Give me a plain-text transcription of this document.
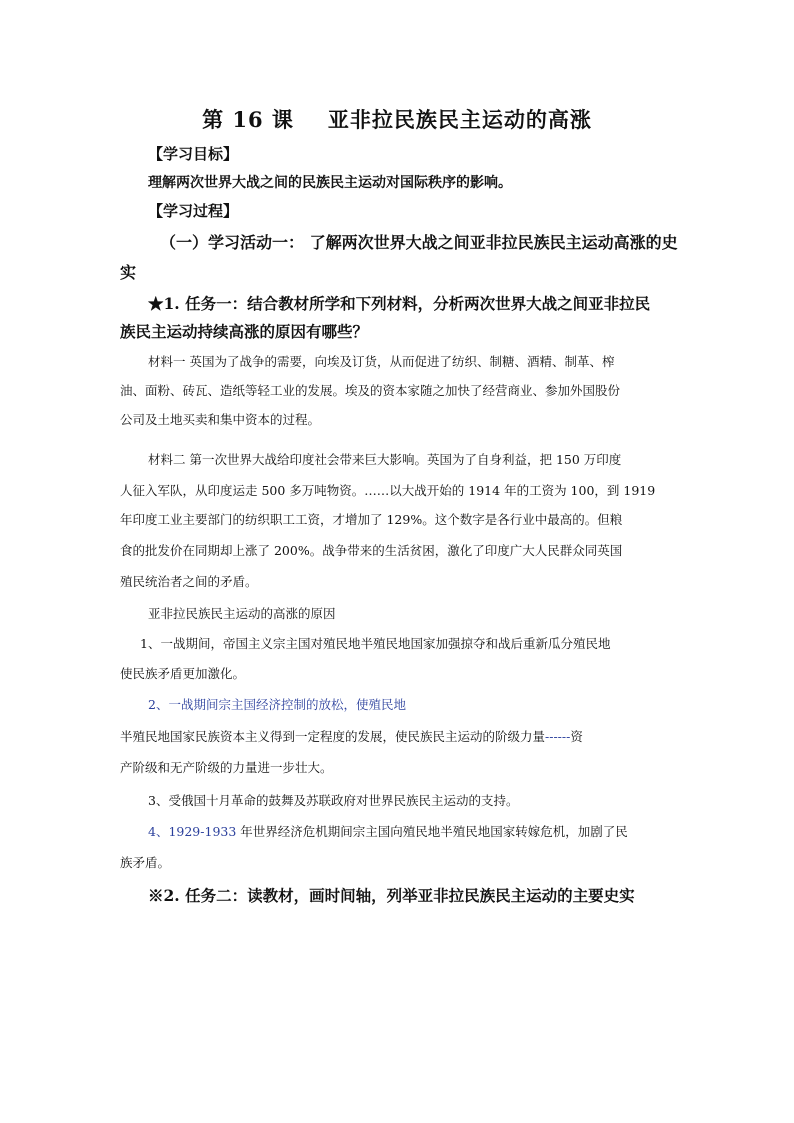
第 16 课 亚非拉民族民主运动的高涨
【学习目标】
理解两次世界大战之间的民族民主运动对国际秩序的影响。
【学习过程】
（一）学习活动一： 了解两次世界大战之间亚非拉民族民主运动高涨的史
实
★1. 任务一：结合教材所学和下列材料，分析两次世界大战之间亚非拉民
族民主运动持续高涨的原因有哪些？
材料一 英国为了战争的需要，向埃及订货，从而促进了纺织、制糖、酒精、制革、榨
油、面粉、砖瓦、造纸等轻工业的发展。埃及的资本家随之加快了经营商业、参加外国股份
公司及土地买卖和集中资本的过程。
材料二 第一次世界大战给印度社会带来巨大影响。英国为了自身利益，把 150 万印度
人征入军队，从印度运走 500 多万吨物资。……以大战开始的 1914 年的工资为 100，到 1919
年印度工业主要部门的纺织职工工资，才增加了 129%。这个数字是各行业中最高的。但粮
食的批发价在同期却上涨了 200%。战争带来的生活贫困，激化了印度广大人民群众同英国
殖民统治者之间的矛盾。
亚非拉民族民主运动的高涨的原因
1、一战期间，帝国主义宗主国对殖民地半殖民地国家加强掠夺和战后重新瓜分殖民地
使民族矛盾更加激化。
2、一战期间宗主国经济控制的放松，使殖民地
半殖民地国家民族资本主义得到一定程度的发展，使民族民主运动的阶级力量------资
产阶级和无产阶级的力量进一步壮大。
3、受俄国十月革命的鼓舞及苏联政府对世界民族民主运动的支持。
4、1929-1933 年世界经济危机期间宗主国向殖民地半殖民地国家转嫁危机，加剧了民
族矛盾。
※2. 任务二：读教材，画时间轴，列举亚非拉民族民主运动的主要史实
